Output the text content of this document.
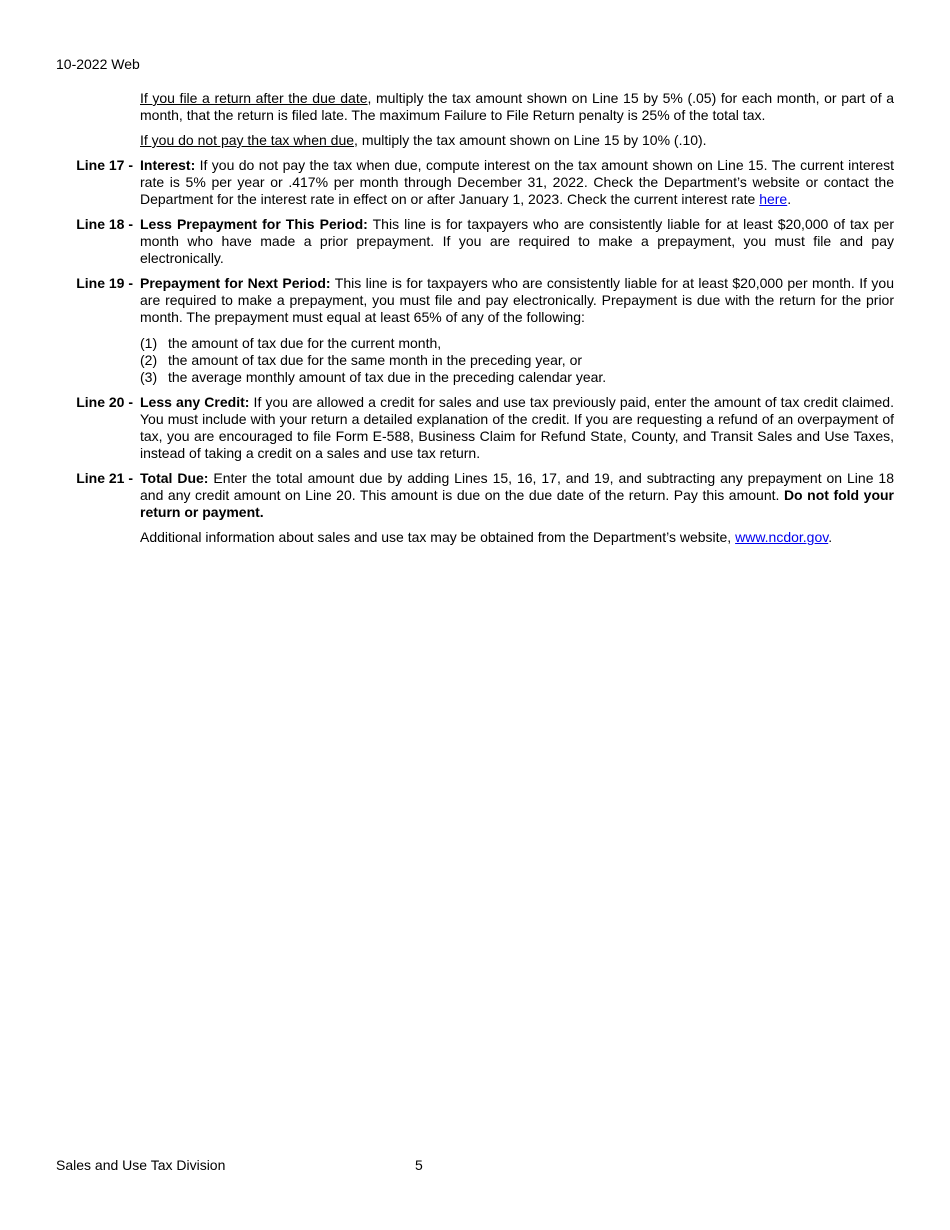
10-2022 Web

If you file a return after the due date, multiply the tax amount shown on Line 15 by 5% (.05) for each month, or part of a month, that the return is filed late. The maximum Failure to File Return penalty is 25% of the total tax.

If you do not pay the tax when due, multiply the tax amount shown on Line 15 by 10% (.10).

Line 17 - Interest: If you do not pay the tax when due, compute interest on the tax amount shown on Line 15. The current interest rate is 5% per year or .417% per month through December 31, 2022. Check the Department’s website or contact the Department for the interest rate in effect on or after January 1, 2023. Check the current interest rate here.

Line 18 - Less Prepayment for This Period: This line is for taxpayers who are consistently liable for at least $20,000 of tax per month who have made a prior prepayment. If you are required to make a prepayment, you must file and pay electronically.

Line 19 - Prepayment for Next Period: This line is for taxpayers who are consistently liable for at least $20,000 per month. If you are required to make a prepayment, you must file and pay electronically. Prepayment is due with the return for the prior month. The prepayment must equal at least 65% of any of the following:

(1) the amount of tax due for the current month,
(2) the amount of tax due for the same month in the preceding year, or
(3) the average monthly amount of tax due in the preceding calendar year.
Line 20 - Less any Credit: If you are allowed a credit for sales and use tax previously paid, enter the amount of tax credit claimed. You must include with your return a detailed explanation of the credit. If you are requesting a refund of an overpayment of tax, you are encouraged to file Form E-588, Business Claim for Refund State, County, and Transit Sales and Use Taxes, instead of taking a credit on a sales and use tax return.

Line 21 - Total Due: Enter the total amount due by adding Lines 15, 16, 17, and 19, and subtracting any prepayment on Line 18 and any credit amount on Line 20. This amount is due on the due date of the return. Pay this amount. Do not fold your return or payment.

Additional information about sales and use tax may be obtained from the Department’s website, www.ncdor.gov.

Sales and Use Tax Division	5
